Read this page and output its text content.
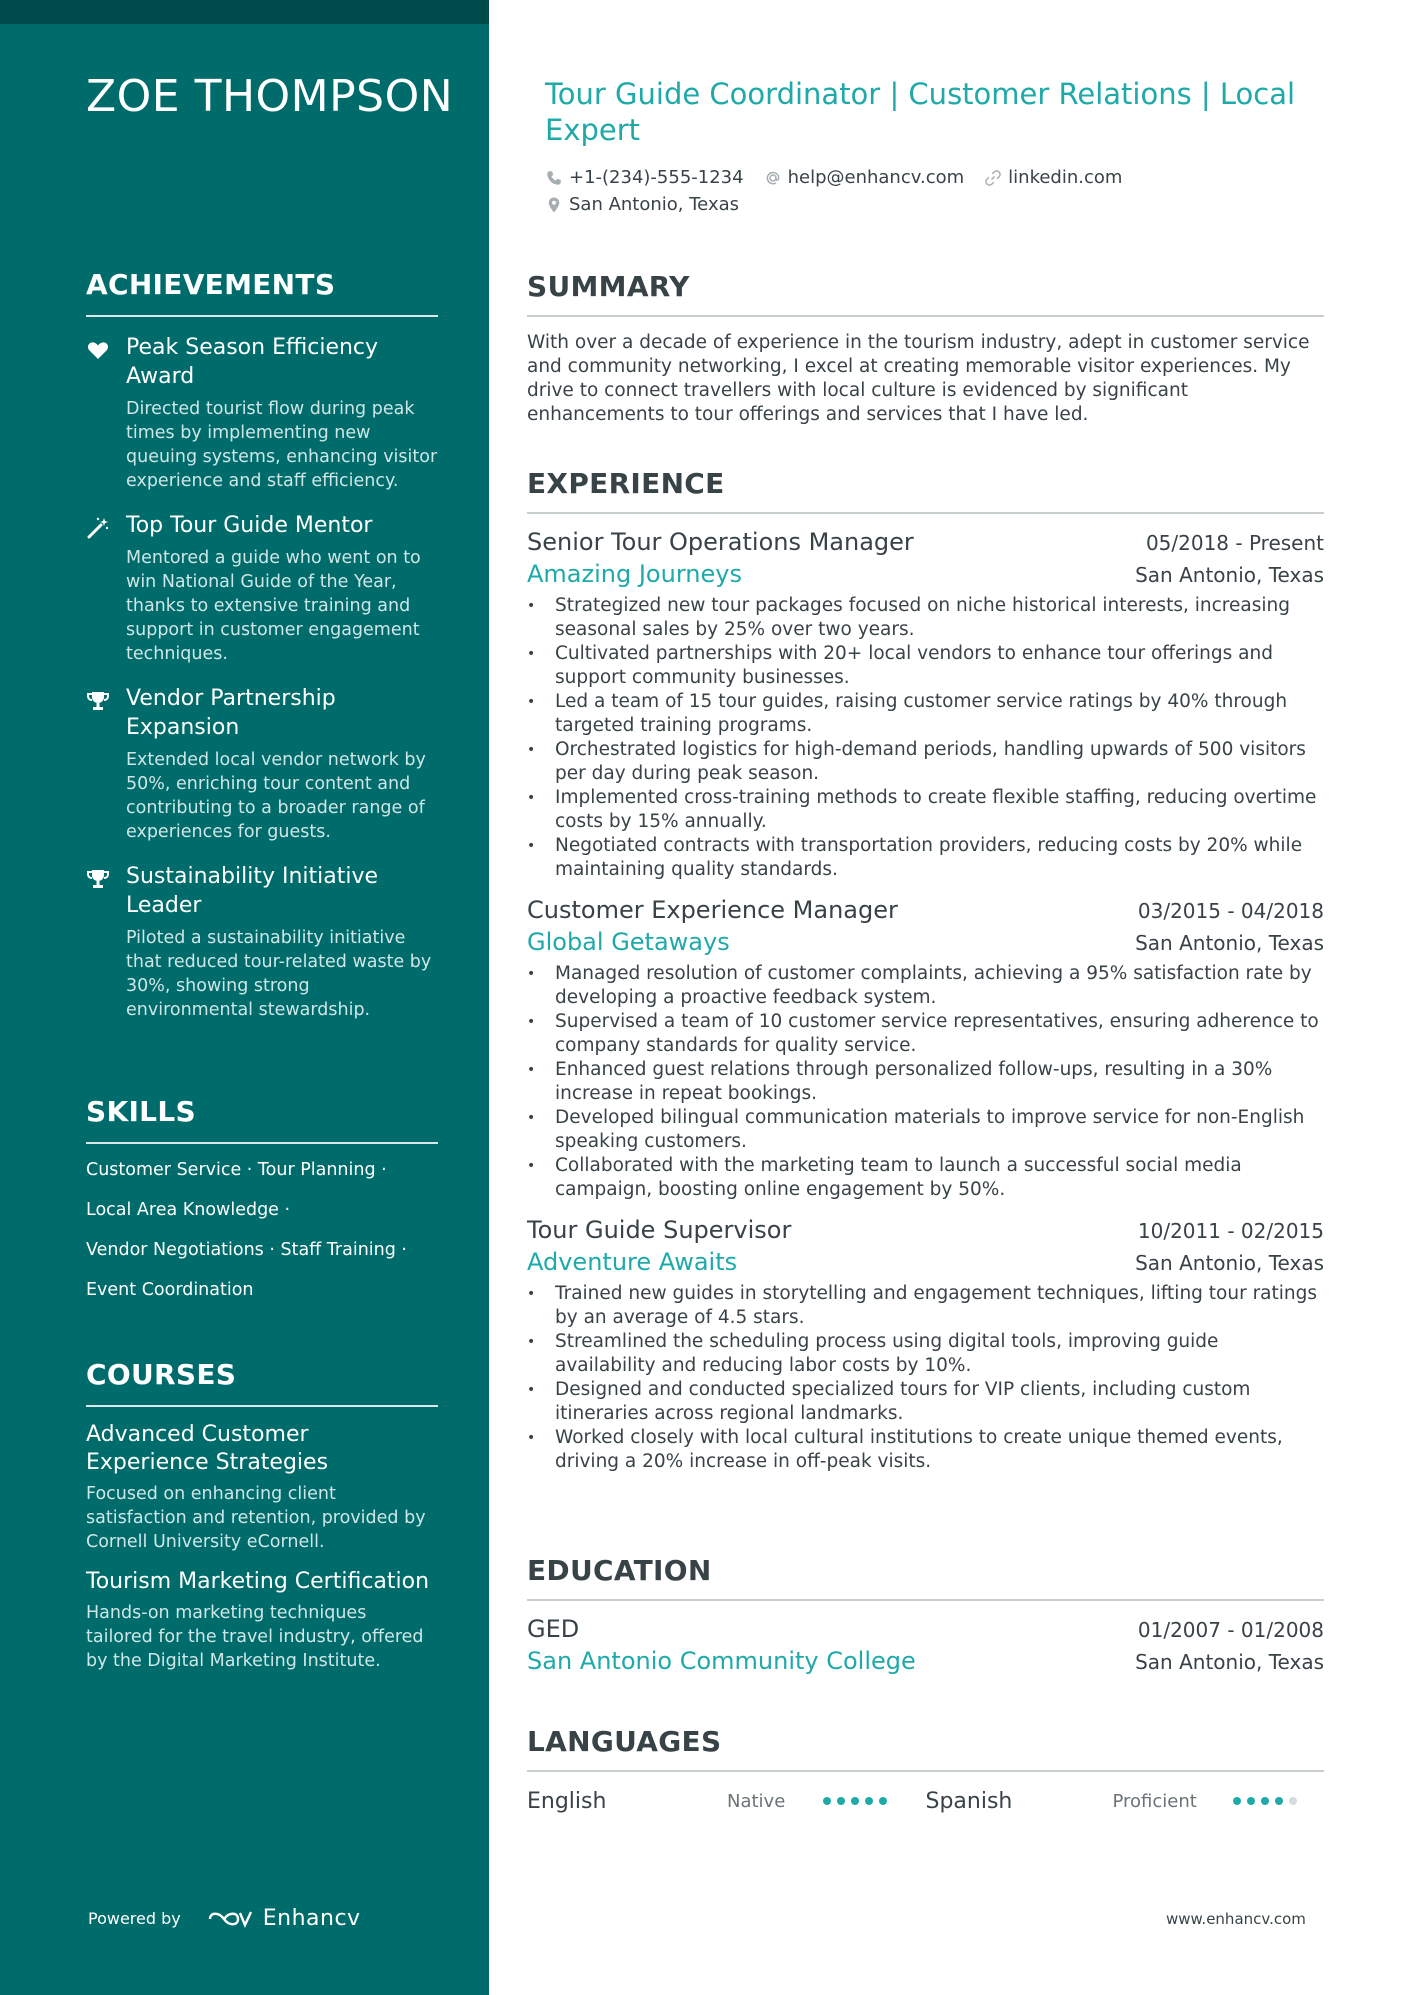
ZOE THOMPSON
ACHIEVEMENTS
Peak Season Efficiency Award
Directed tourist flow during peak times by implementing new queuing systems, enhancing visitor experience and staff efficiency.
Top Tour Guide Mentor
Mentored a guide who went on to win National Guide of the Year, thanks to extensive training and support in customer engagement techniques.
Vendor Partnership Expansion
Extended local vendor network by 50%, enriching tour content and contributing to a broader range of experiences for guests.
Sustainability Initiative Leader
Piloted a sustainability initiative that reduced tour-related waste by 30%, showing strong environmental stewardship.
SKILLS
Customer Service · Tour Planning ·
Local Area Knowledge ·
Vendor Negotiations · Staff Training ·
Event Coordination
COURSES
Advanced Customer Experience Strategies
Focused on enhancing client satisfaction and retention, provided by Cornell University eCornell.
Tourism Marketing Certification
Hands-on marketing techniques tailored for the travel industry, offered by the Digital Marketing Institute.
Powered by	Enhancv
Tour Guide Coordinator | Customer Relations | Local Expert
+1-(234)-555-1234 help@enhancv.com linkedin.com
San Antonio, Texas
SUMMARY
With over a decade of experience in the tourism industry, adept in customer service and community networking, I excel at creating memorable visitor experiences. My drive to connect travellers with local culture is evidenced by significant enhancements to tour offerings and services that I have led.
EXPERIENCE
Senior Tour Operations Manager	05/2018 - Present
Amazing Journeys	San Antonio, Texas
• Strategized new tour packages focused on niche historical interests, increasing seasonal sales by 25% over two years.
• Cultivated partnerships with 20+ local vendors to enhance tour offerings and support community businesses.
• Led a team of 15 tour guides, raising customer service ratings by 40% through targeted training programs.
• Orchestrated logistics for high-demand periods, handling upwards of 500 visitors per day during peak season.
• Implemented cross-training methods to create flexible staffing, reducing overtime costs by 15% annually.
• Negotiated contracts with transportation providers, reducing costs by 20% while maintaining quality standards.
Customer Experience Manager	03/2015 - 04/2018
Global Getaways	San Antonio, Texas
• Managed resolution of customer complaints, achieving a 95% satisfaction rate by developing a proactive feedback system.
• Supervised a team of 10 customer service representatives, ensuring adherence to company standards for quality service.
• Enhanced guest relations through personalized follow-ups, resulting in a 30% increase in repeat bookings.
• Developed bilingual communication materials to improve service for non-English speaking customers.
• Collaborated with the marketing team to launch a successful social media campaign, boosting online engagement by 50%.
Tour Guide Supervisor	10/2011 - 02/2015
Adventure Awaits	San Antonio, Texas
• Trained new guides in storytelling and engagement techniques, lifting tour ratings by an average of 4.5 stars.
• Streamlined the scheduling process using digital tools, improving guide availability and reducing labor costs by 10%.
• Designed and conducted specialized tours for VIP clients, including custom itineraries across regional landmarks.
• Worked closely with local cultural institutions to create unique themed events, driving a 20% increase in off-peak visits.
EDUCATION
GED	01/2007 - 01/2008
San Antonio Community College	San Antonio, Texas
LANGUAGES
English	Native	Spanish	Proficient
www.enhancv.com
